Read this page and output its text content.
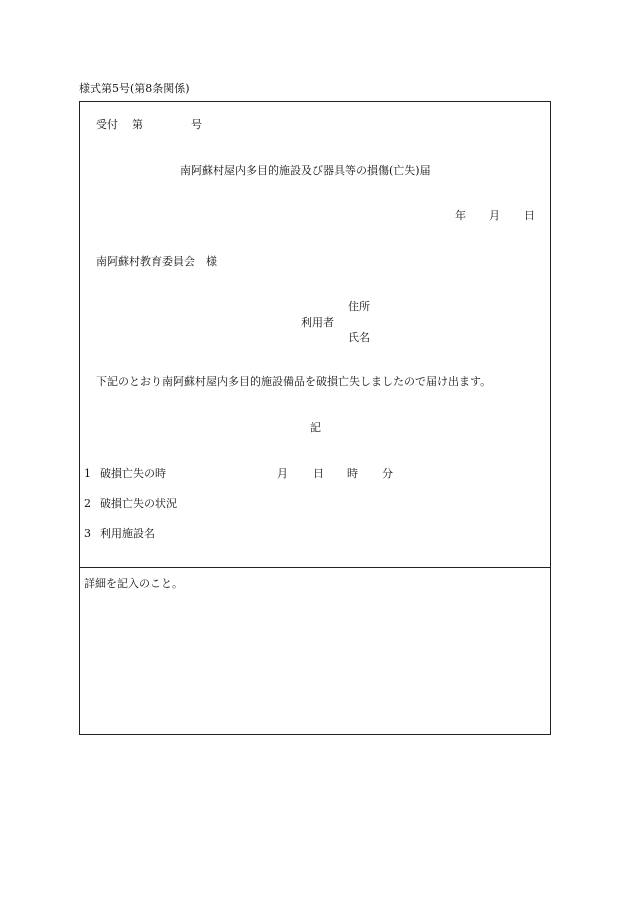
様式第5号(第8条関係)
受付 第	号
南阿蘇村屋内多目的施設及び器具等の損傷(亡失)届
年 月 日
南阿蘇村教育委員会　様
住所
利用者
氏名
下記のとおり南阿蘇村屋内多目的施設備品を破損亡失しましたので届け出ます。
記
1 破損亡失の時	月 日 時 分
2 破損亡失の状況
3 利用施設名
詳細を記入のこと。
